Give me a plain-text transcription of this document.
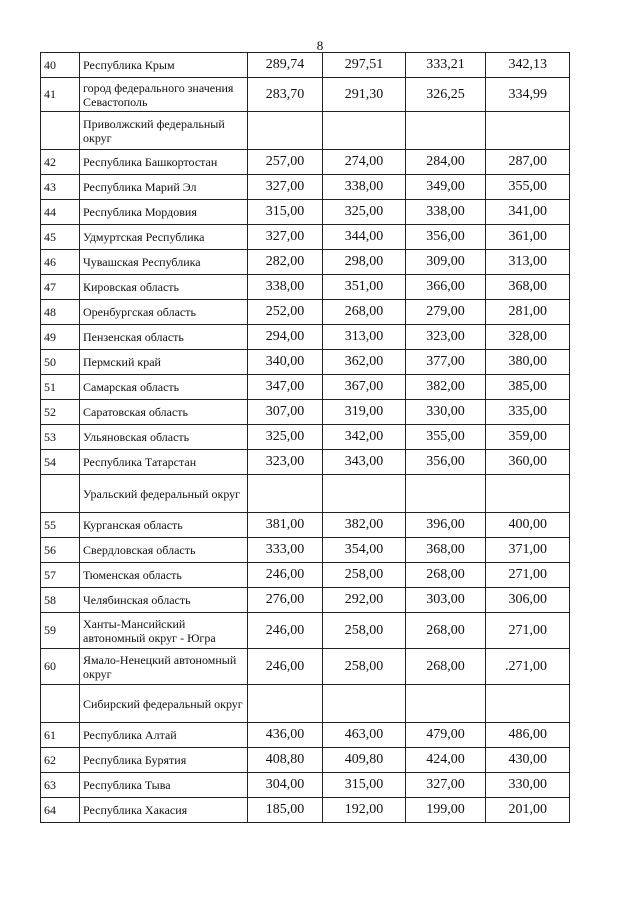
8
40	Республика Крым	289,74	297,51	333,21	342,13
41	город федерального значения Севастополь	283,70	291,30	326,25	334,99
	Приволжский федеральный округ				
42	Республика Башкортостан	257,00	274,00	284,00	287,00
43	Республика Марий Эл	327,00	338,00	349,00	355,00
44	Республика Мордовия	315,00	325,00	338,00	341,00
45	Удмуртская Республика	327,00	344,00	356,00	361,00
46	Чувашская Республика	282,00	298,00	309,00	313,00
47	Кировская область	338,00	351,00	366,00	368,00
48	Оренбургская область	252,00	268,00	279,00	281,00
49	Пензенская область	294,00	313,00	323,00	328,00
50	Пермский край	340,00	362,00	377,00	380,00
51	Самарская область	347,00	367,00	382,00	385,00
52	Саратовская область	307,00	319,00	330,00	335,00
53	Ульяновская область	325,00	342,00	355,00	359,00
54	Республика Татарстан	323,00	343,00	356,00	360,00
	Уральский федеральный округ				
55	Курганская область	381,00	382,00	396,00	400,00
56	Свердловская область	333,00	354,00	368,00	371,00
57	Тюменская область	246,00	258,00	268,00	271,00
58	Челябинская область	276,00	292,00	303,00	306,00
59	Ханты-Мансийский автономный округ - Югра	246,00	258,00	268,00	271,00
60	Ямало-Ненецкий автономный округ	246,00	258,00	268,00	.271,00
	Сибирский федеральный округ				
61	Республика Алтай	436,00	463,00	479,00	486,00
62	Республика Бурятия	408,80	409,80	424,00	430,00
63	Республика Тыва	304,00	315,00	327,00	330,00
64	Республика Хакасия	185,00	192,00	199,00	201,00
